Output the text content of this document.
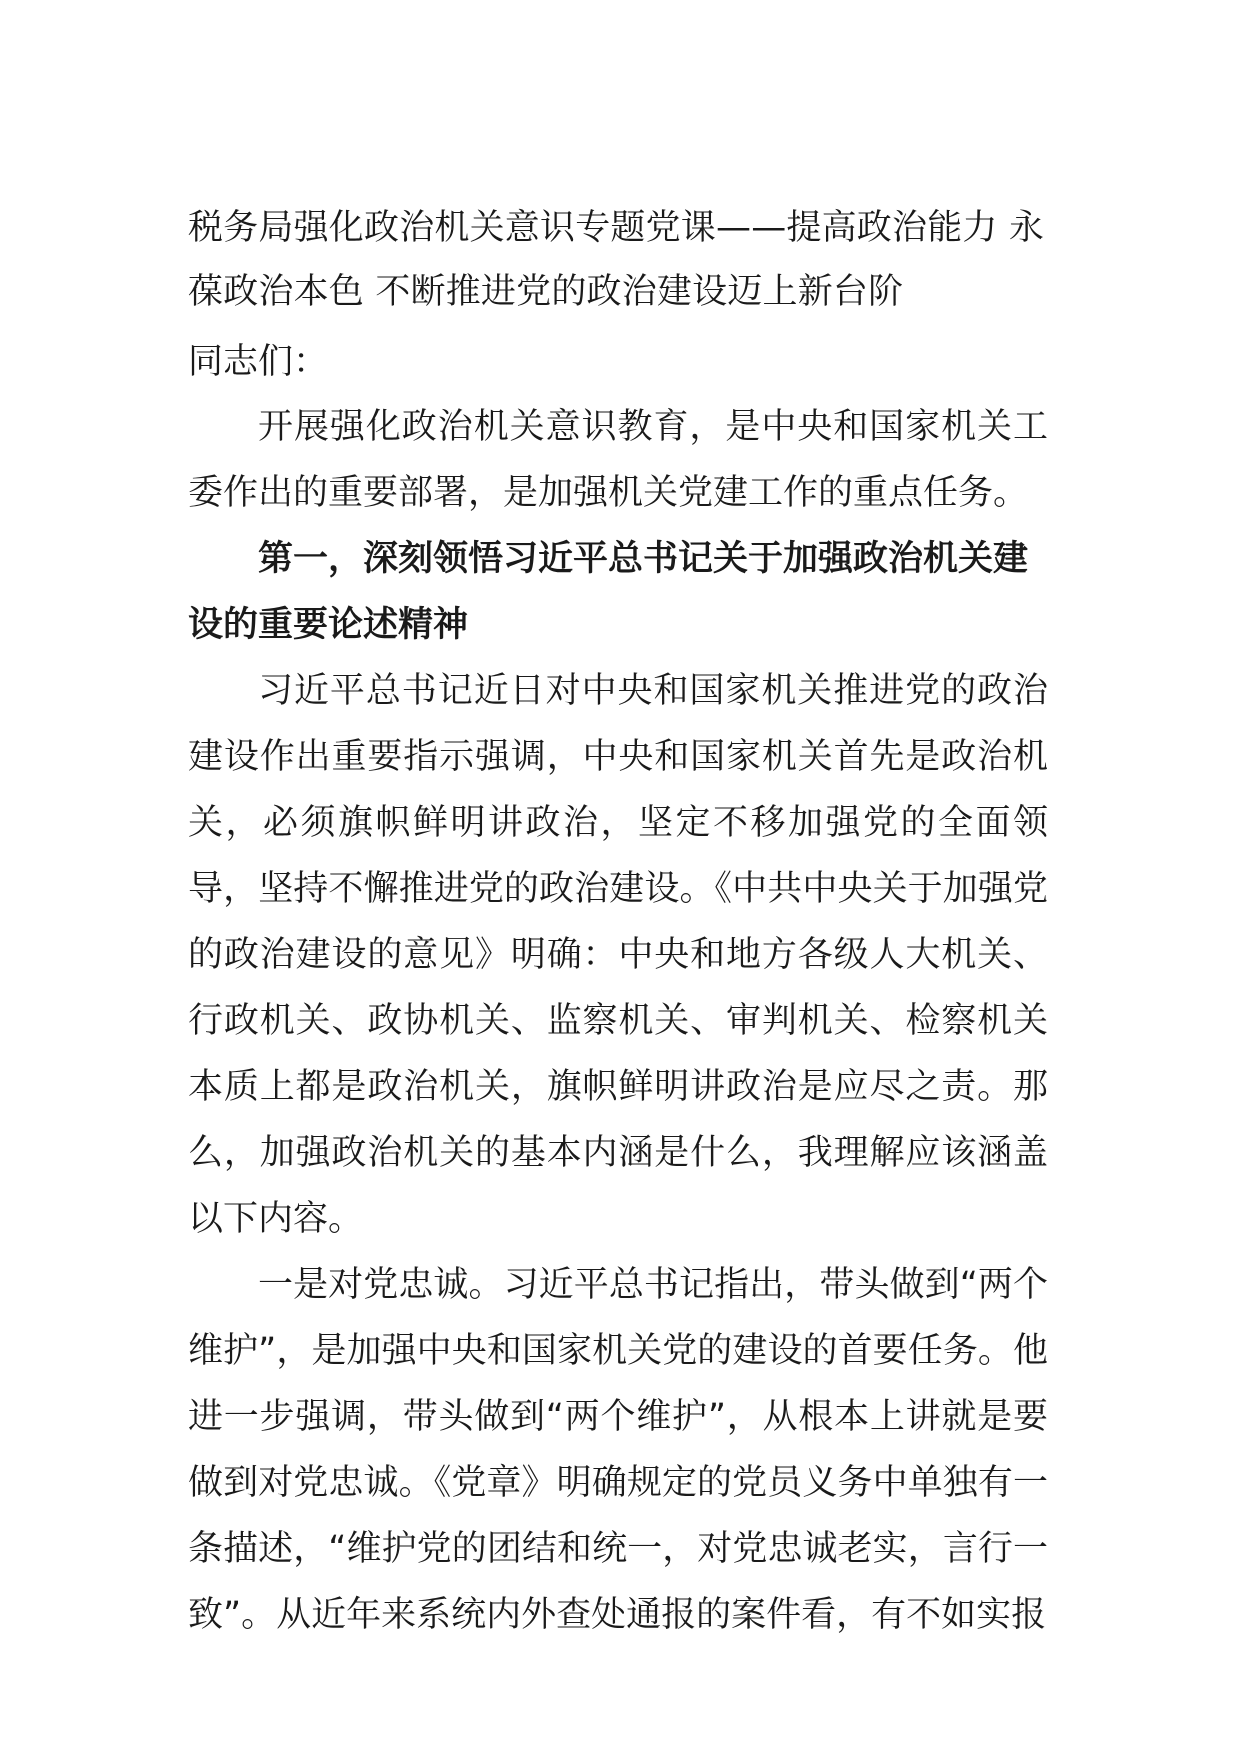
税务局强化政治机关意识专题党课——提高政治能力 永葆政治本色 不断推进党的政治建设迈上新台阶

同志们：

开展强化政治机关意识教育，是中央和国家机关工委作出的重要部署，是加强机关党建工作的重点任务。

第一，深刻领悟习近平总书记关于加强政治机关建设的重要论述精神

习近平总书记近日对中央和国家机关推进党的政治建设作出重要指示强调，中央和国家机关首先是政治机关，必须旗帜鲜明讲政治，坚定不移加强党的全面领导，坚持不懈推进党的政治建设。《中共中央关于加强党的政治建设的意见》明确：中央和地方各级人大机关、行政机关、政协机关、监察机关、审判机关、检察机关本质上都是政治机关，旗帜鲜明讲政治是应尽之责。那么，加强政治机关的基本内涵是什么，我理解应该涵盖以下内容。

一是对党忠诚。习近平总书记指出，带头做到“两个维护”，是加强中央和国家机关党的建设的首要任务。他进一步强调，带头做到“两个维护”，从根本上讲就是要做到对党忠诚。《党章》明确规定的党员义务中单独有一条描述，“维护党的团结和统一，对党忠诚老实，言行一致”。从近年来系统内外查处通报的案件看，有不如实报
